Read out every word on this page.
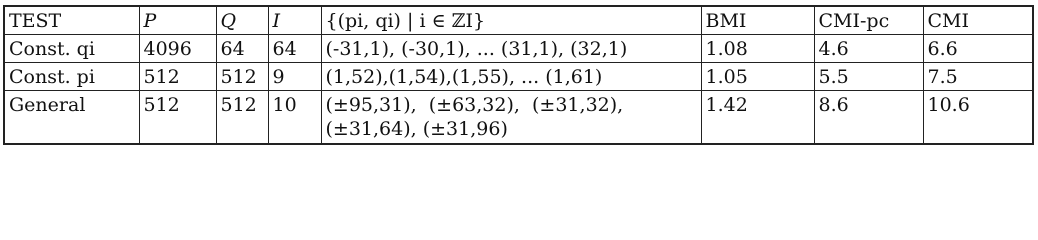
TEST	P	Q	I	{(pi, qi) | i ∈ ℤI}	BMI	CMI-pc	CMI
Const. qi	4096	64	64	(-31,1), (-30,1), ... (31,1), (32,1)	1.08	4.6	6.6
Const. pi	512	512	9	(1,52),(1,54),(1,55), ... (1,61)	1.05	5.5	7.5
General	512	512	10	(±95,31),  (±63,32),  (±31,32),
(±31,64), (±31,96)	1.42	8.6	10.6
